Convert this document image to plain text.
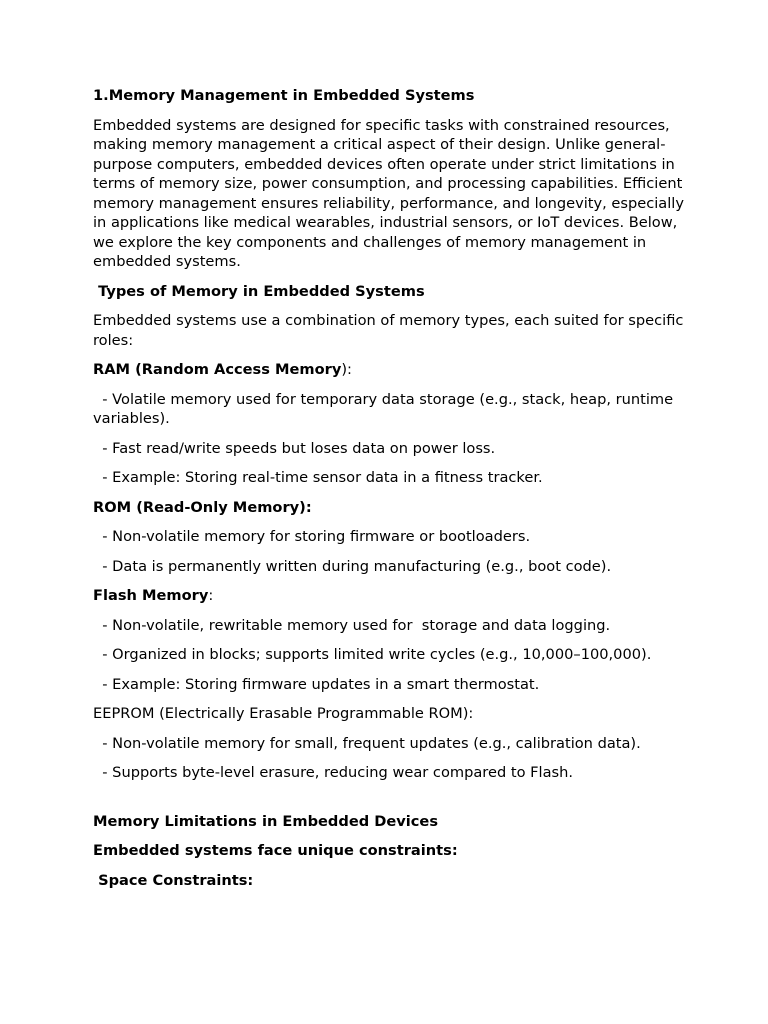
1.Memory Management in Embedded Systems

Embedded systems are designed for specific tasks with constrained resources, making memory management a critical aspect of their design. Unlike general-purpose computers, embedded devices often operate under strict limitations in terms of memory size, power consumption, and processing capabilities. Efficient memory management ensures reliability, performance, and longevity, especially in applications like medical wearables, industrial sensors, or IoT devices. Below, we explore the key components and challenges of memory management in embedded systems.

Types of Memory in Embedded Systems

Embedded systems use a combination of memory types, each suited for specific roles:

RAM (Random Access Memory):

- Volatile memory used for temporary data storage (e.g., stack, heap, runtime variables).

- Fast read/write speeds but loses data on power loss.

- Example: Storing real-time sensor data in a fitness tracker.

ROM (Read-Only Memory):

- Non-volatile memory for storing firmware or bootloaders.

- Data is permanently written during manufacturing (e.g., boot code).

Flash Memory:

- Non-volatile, rewritable memory used for  storage and data logging.

- Organized in blocks; supports limited write cycles (e.g., 10,000–100,000).

- Example: Storing firmware updates in a smart thermostat.

EEPROM (Electrically Erasable Programmable ROM):

- Non-volatile memory for small, frequent updates (e.g., calibration data).

- Supports byte-level erasure, reducing wear compared to Flash.

Memory Limitations in Embedded Devices

Embedded systems face unique constraints:

Space Constraints:
